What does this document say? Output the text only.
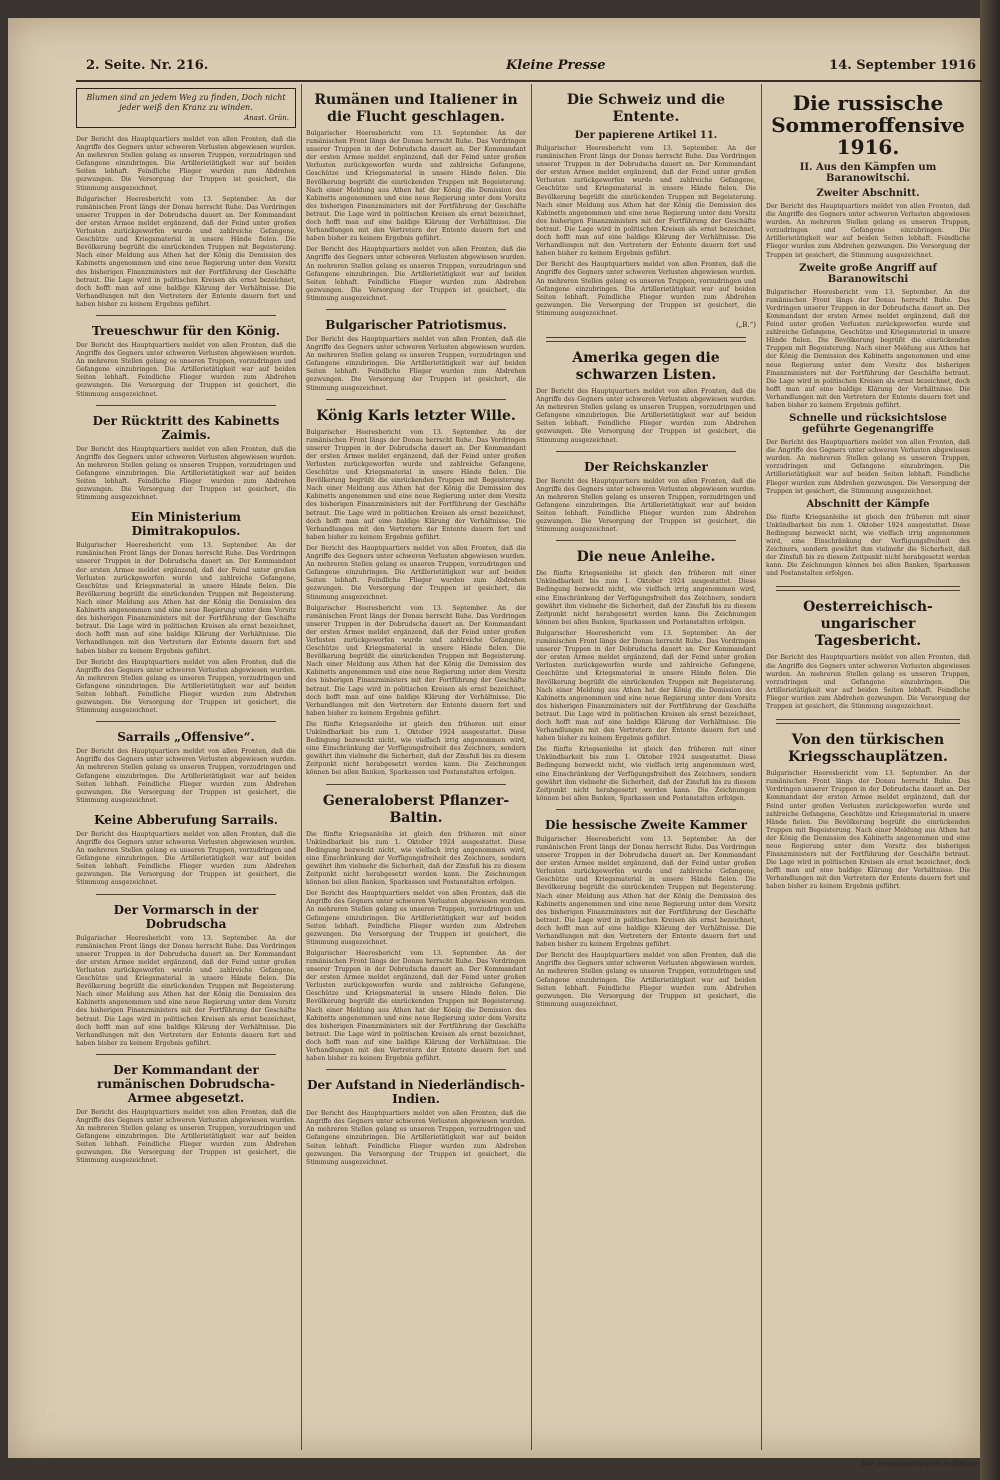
2. Seite. Nr. 216.	Kleine Presse	14. September 1916
Blumen sind an jedem Weg zu finden, Doch nicht jeder weiß den Kranz zu winden.
Anast. Grün.

Der Bericht des Hauptquartiers meldet von allen Fronten, daß die Angriffe des Gegners unter schweren Verlusten abgewiesen wurden. An mehreren Stellen gelang es unseren Truppen, vorzudringen und Gefangene einzubringen. Die Artillerietätigkeit war auf beiden Seiten lebhaft. Feindliche Flieger wurden zum Abdrehen gezwungen. Die Versorgung der Truppen ist gesichert, die Stimmung ausgezeichnet.

Bulgarischer Heeresbericht vom 13. September. An der rumänischen Front längs der Donau herrscht Ruhe. Das Vordringen unserer Truppen in der Dobrudscha dauert an. Der Kommandant der ersten Armee meldet ergänzend, daß der Feind unter großen Verlusten zurückgeworfen wurde und zahlreiche Gefangene, Geschütze und Kriegsmaterial in unsere Hände fielen. Die Bevölkerung begrüßt die einrückenden Truppen mit Begeisterung. Nach einer Meldung aus Athen hat der König die Demission des Kabinetts angenommen und eine neue Regierung unter dem Vorsitz des bisherigen Finanzministers mit der Fortführung der Geschäfte betraut. Die Lage wird in politischen Kreisen als ernst bezeichnet, doch hofft man auf eine baldige Klärung der Verhältnisse. Die Verhandlungen mit den Vertretern der Entente dauern fort und haben bisher zu keinem Ergebnis geführt.

Treueschwur für den König.

Der Bericht des Hauptquartiers meldet von allen Fronten, daß die Angriffe des Gegners unter schweren Verlusten abgewiesen wurden. An mehreren Stellen gelang es unseren Truppen, vorzudringen und Gefangene einzubringen. Die Artillerietätigkeit war auf beiden Seiten lebhaft. Feindliche Flieger wurden zum Abdrehen gezwungen. Die Versorgung der Truppen ist gesichert, die Stimmung ausgezeichnet.

Der Rücktritt des Kabinetts Zaimis.

Der Bericht des Hauptquartiers meldet von allen Fronten, daß die Angriffe des Gegners unter schweren Verlusten abgewiesen wurden. An mehreren Stellen gelang es unseren Truppen, vorzudringen und Gefangene einzubringen. Die Artillerietätigkeit war auf beiden Seiten lebhaft. Feindliche Flieger wurden zum Abdrehen gezwungen. Die Versorgung der Truppen ist gesichert, die Stimmung ausgezeichnet.

Ein Ministerium Dimitrakopulos.

Bulgarischer Heeresbericht vom 13. September. An der rumänischen Front längs der Donau herrscht Ruhe. Das Vordringen unserer Truppen in der Dobrudscha dauert an. Der Kommandant der ersten Armee meldet ergänzend, daß der Feind unter großen Verlusten zurückgeworfen wurde und zahlreiche Gefangene, Geschütze und Kriegsmaterial in unsere Hände fielen. Die Bevölkerung begrüßt die einrückenden Truppen mit Begeisterung. Nach einer Meldung aus Athen hat der König die Demission des Kabinetts angenommen und eine neue Regierung unter dem Vorsitz des bisherigen Finanzministers mit der Fortführung der Geschäfte betraut. Die Lage wird in politischen Kreisen als ernst bezeichnet, doch hofft man auf eine baldige Klärung der Verhältnisse. Die Verhandlungen mit den Vertretern der Entente dauern fort und haben bisher zu keinem Ergebnis geführt.

Der Bericht des Hauptquartiers meldet von allen Fronten, daß die Angriffe des Gegners unter schweren Verlusten abgewiesen wurden. An mehreren Stellen gelang es unseren Truppen, vorzudringen und Gefangene einzubringen. Die Artillerietätigkeit war auf beiden Seiten lebhaft. Feindliche Flieger wurden zum Abdrehen gezwungen. Die Versorgung der Truppen ist gesichert, die Stimmung ausgezeichnet.

Sarrails „Offensive“.

Der Bericht des Hauptquartiers meldet von allen Fronten, daß die Angriffe des Gegners unter schweren Verlusten abgewiesen wurden. An mehreren Stellen gelang es unseren Truppen, vorzudringen und Gefangene einzubringen. Die Artillerietätigkeit war auf beiden Seiten lebhaft. Feindliche Flieger wurden zum Abdrehen gezwungen. Die Versorgung der Truppen ist gesichert, die Stimmung ausgezeichnet.

Keine Abberufung Sarrails.

Der Bericht des Hauptquartiers meldet von allen Fronten, daß die Angriffe des Gegners unter schweren Verlusten abgewiesen wurden. An mehreren Stellen gelang es unseren Truppen, vorzudringen und Gefangene einzubringen. Die Artillerietätigkeit war auf beiden Seiten lebhaft. Feindliche Flieger wurden zum Abdrehen gezwungen. Die Versorgung der Truppen ist gesichert, die Stimmung ausgezeichnet.

Der Vormarsch in der Dobrudscha

Bulgarischer Heeresbericht vom 13. September. An der rumänischen Front längs der Donau herrscht Ruhe. Das Vordringen unserer Truppen in der Dobrudscha dauert an. Der Kommandant der ersten Armee meldet ergänzend, daß der Feind unter großen Verlusten zurückgeworfen wurde und zahlreiche Gefangene, Geschütze und Kriegsmaterial in unsere Hände fielen. Die Bevölkerung begrüßt die einrückenden Truppen mit Begeisterung. Nach einer Meldung aus Athen hat der König die Demission des Kabinetts angenommen und eine neue Regierung unter dem Vorsitz des bisherigen Finanzministers mit der Fortführung der Geschäfte betraut. Die Lage wird in politischen Kreisen als ernst bezeichnet, doch hofft man auf eine baldige Klärung der Verhältnisse. Die Verhandlungen mit den Vertretern der Entente dauern fort und haben bisher zu keinem Ergebnis geführt.

Der Kommandant der rumänischen Dobrudscha-Armee abgesetzt.

Der Bericht des Hauptquartiers meldet von allen Fronten, daß die Angriffe des Gegners unter schweren Verlusten abgewiesen wurden. An mehreren Stellen gelang es unseren Truppen, vorzudringen und Gefangene einzubringen. Die Artillerietätigkeit war auf beiden Seiten lebhaft. Feindliche Flieger wurden zum Abdrehen gezwungen. Die Versorgung der Truppen ist gesichert, die Stimmung ausgezeichnet.

Rumänen und Italiener in die Flucht geschlagen.

Bulgarischer Heeresbericht vom 13. September. An der rumänischen Front längs der Donau herrscht Ruhe. Das Vordringen unserer Truppen in der Dobrudscha dauert an. Der Kommandant der ersten Armee meldet ergänzend, daß der Feind unter großen Verlusten zurückgeworfen wurde und zahlreiche Gefangene, Geschütze und Kriegsmaterial in unsere Hände fielen. Die Bevölkerung begrüßt die einrückenden Truppen mit Begeisterung. Nach einer Meldung aus Athen hat der König die Demission des Kabinetts angenommen und eine neue Regierung unter dem Vorsitz des bisherigen Finanzministers mit der Fortführung der Geschäfte betraut. Die Lage wird in politischen Kreisen als ernst bezeichnet, doch hofft man auf eine baldige Klärung der Verhältnisse. Die Verhandlungen mit den Vertretern der Entente dauern fort und haben bisher zu keinem Ergebnis geführt.

Der Bericht des Hauptquartiers meldet von allen Fronten, daß die Angriffe des Gegners unter schweren Verlusten abgewiesen wurden. An mehreren Stellen gelang es unseren Truppen, vorzudringen und Gefangene einzubringen. Die Artillerietätigkeit war auf beiden Seiten lebhaft. Feindliche Flieger wurden zum Abdrehen gezwungen. Die Versorgung der Truppen ist gesichert, die Stimmung ausgezeichnet.

Bulgarischer Patriotismus.

Der Bericht des Hauptquartiers meldet von allen Fronten, daß die Angriffe des Gegners unter schweren Verlusten abgewiesen wurden. An mehreren Stellen gelang es unseren Truppen, vorzudringen und Gefangene einzubringen. Die Artillerietätigkeit war auf beiden Seiten lebhaft. Feindliche Flieger wurden zum Abdrehen gezwungen. Die Versorgung der Truppen ist gesichert, die Stimmung ausgezeichnet.

König Karls letzter Wille.

Bulgarischer Heeresbericht vom 13. September. An der rumänischen Front längs der Donau herrscht Ruhe. Das Vordringen unserer Truppen in der Dobrudscha dauert an. Der Kommandant der ersten Armee meldet ergänzend, daß der Feind unter großen Verlusten zurückgeworfen wurde und zahlreiche Gefangene, Geschütze und Kriegsmaterial in unsere Hände fielen. Die Bevölkerung begrüßt die einrückenden Truppen mit Begeisterung. Nach einer Meldung aus Athen hat der König die Demission des Kabinetts angenommen und eine neue Regierung unter dem Vorsitz des bisherigen Finanzministers mit der Fortführung der Geschäfte betraut. Die Lage wird in politischen Kreisen als ernst bezeichnet, doch hofft man auf eine baldige Klärung der Verhältnisse. Die Verhandlungen mit den Vertretern der Entente dauern fort und haben bisher zu keinem Ergebnis geführt.

Der Bericht des Hauptquartiers meldet von allen Fronten, daß die Angriffe des Gegners unter schweren Verlusten abgewiesen wurden. An mehreren Stellen gelang es unseren Truppen, vorzudringen und Gefangene einzubringen. Die Artillerietätigkeit war auf beiden Seiten lebhaft. Feindliche Flieger wurden zum Abdrehen gezwungen. Die Versorgung der Truppen ist gesichert, die Stimmung ausgezeichnet.

Bulgarischer Heeresbericht vom 13. September. An der rumänischen Front längs der Donau herrscht Ruhe. Das Vordringen unserer Truppen in der Dobrudscha dauert an. Der Kommandant der ersten Armee meldet ergänzend, daß der Feind unter großen Verlusten zurückgeworfen wurde und zahlreiche Gefangene, Geschütze und Kriegsmaterial in unsere Hände fielen. Die Bevölkerung begrüßt die einrückenden Truppen mit Begeisterung. Nach einer Meldung aus Athen hat der König die Demission des Kabinetts angenommen und eine neue Regierung unter dem Vorsitz des bisherigen Finanzministers mit der Fortführung der Geschäfte betraut. Die Lage wird in politischen Kreisen als ernst bezeichnet, doch hofft man auf eine baldige Klärung der Verhältnisse. Die Verhandlungen mit den Vertretern der Entente dauern fort und haben bisher zu keinem Ergebnis geführt.

Die fünfte Kriegsanleihe ist gleich den früheren mit einer Unkündbarkeit bis zum 1. Oktober 1924 ausgestattet. Diese Bedingung bezweckt nicht, wie vielfach irrig angenommen wird, eine Einschränkung der Verfügungsfreiheit des Zeichners, sondern gewährt ihm vielmehr die Sicherheit, daß der Zinsfuß bis zu diesem Zeitpunkt nicht herabgesetzt werden kann. Die Zeichnungen können bei allen Banken, Sparkassen und Postanstalten erfolgen.

Generaloberst Pflanzer-Baltin.

Die fünfte Kriegsanleihe ist gleich den früheren mit einer Unkündbarkeit bis zum 1. Oktober 1924 ausgestattet. Diese Bedingung bezweckt nicht, wie vielfach irrig angenommen wird, eine Einschränkung der Verfügungsfreiheit des Zeichners, sondern gewährt ihm vielmehr die Sicherheit, daß der Zinsfuß bis zu diesem Zeitpunkt nicht herabgesetzt werden kann. Die Zeichnungen können bei allen Banken, Sparkassen und Postanstalten erfolgen.

Der Bericht des Hauptquartiers meldet von allen Fronten, daß die Angriffe des Gegners unter schweren Verlusten abgewiesen wurden. An mehreren Stellen gelang es unseren Truppen, vorzudringen und Gefangene einzubringen. Die Artillerietätigkeit war auf beiden Seiten lebhaft. Feindliche Flieger wurden zum Abdrehen gezwungen. Die Versorgung der Truppen ist gesichert, die Stimmung ausgezeichnet.

Bulgarischer Heeresbericht vom 13. September. An der rumänischen Front längs der Donau herrscht Ruhe. Das Vordringen unserer Truppen in der Dobrudscha dauert an. Der Kommandant der ersten Armee meldet ergänzend, daß der Feind unter großen Verlusten zurückgeworfen wurde und zahlreiche Gefangene, Geschütze und Kriegsmaterial in unsere Hände fielen. Die Bevölkerung begrüßt die einrückenden Truppen mit Begeisterung. Nach einer Meldung aus Athen hat der König die Demission des Kabinetts angenommen und eine neue Regierung unter dem Vorsitz des bisherigen Finanzministers mit der Fortführung der Geschäfte betraut. Die Lage wird in politischen Kreisen als ernst bezeichnet, doch hofft man auf eine baldige Klärung der Verhältnisse. Die Verhandlungen mit den Vertretern der Entente dauern fort und haben bisher zu keinem Ergebnis geführt.

Der Aufstand in Niederländisch-Indien.

Der Bericht des Hauptquartiers meldet von allen Fronten, daß die Angriffe des Gegners unter schweren Verlusten abgewiesen wurden. An mehreren Stellen gelang es unseren Truppen, vorzudringen und Gefangene einzubringen. Die Artillerietätigkeit war auf beiden Seiten lebhaft. Feindliche Flieger wurden zum Abdrehen gezwungen. Die Versorgung der Truppen ist gesichert, die Stimmung ausgezeichnet.

Die Schweiz und die Entente.
Der papierene Artikel 11.

Bulgarischer Heeresbericht vom 13. September. An der rumänischen Front längs der Donau herrscht Ruhe. Das Vordringen unserer Truppen in der Dobrudscha dauert an. Der Kommandant der ersten Armee meldet ergänzend, daß der Feind unter großen Verlusten zurückgeworfen wurde und zahlreiche Gefangene, Geschütze und Kriegsmaterial in unsere Hände fielen. Die Bevölkerung begrüßt die einrückenden Truppen mit Begeisterung. Nach einer Meldung aus Athen hat der König die Demission des Kabinetts angenommen und eine neue Regierung unter dem Vorsitz des bisherigen Finanzministers mit der Fortführung der Geschäfte betraut. Die Lage wird in politischen Kreisen als ernst bezeichnet, doch hofft man auf eine baldige Klärung der Verhältnisse. Die Verhandlungen mit den Vertretern der Entente dauern fort und haben bisher zu keinem Ergebnis geführt.

Der Bericht des Hauptquartiers meldet von allen Fronten, daß die Angriffe des Gegners unter schweren Verlusten abgewiesen wurden. An mehreren Stellen gelang es unseren Truppen, vorzudringen und Gefangene einzubringen. Die Artillerietätigkeit war auf beiden Seiten lebhaft. Feindliche Flieger wurden zum Abdrehen gezwungen. Die Versorgung der Truppen ist gesichert, die Stimmung ausgezeichnet.

(„B.“)
Amerika gegen die schwarzen Listen.

Der Bericht des Hauptquartiers meldet von allen Fronten, daß die Angriffe des Gegners unter schweren Verlusten abgewiesen wurden. An mehreren Stellen gelang es unseren Truppen, vorzudringen und Gefangene einzubringen. Die Artillerietätigkeit war auf beiden Seiten lebhaft. Feindliche Flieger wurden zum Abdrehen gezwungen. Die Versorgung der Truppen ist gesichert, die Stimmung ausgezeichnet.

Der Reichskanzler

Der Bericht des Hauptquartiers meldet von allen Fronten, daß die Angriffe des Gegners unter schweren Verlusten abgewiesen wurden. An mehreren Stellen gelang es unseren Truppen, vorzudringen und Gefangene einzubringen. Die Artillerietätigkeit war auf beiden Seiten lebhaft. Feindliche Flieger wurden zum Abdrehen gezwungen. Die Versorgung der Truppen ist gesichert, die Stimmung ausgezeichnet.

Die neue Anleihe.

Die fünfte Kriegsanleihe ist gleich den früheren mit einer Unkündbarkeit bis zum 1. Oktober 1924 ausgestattet. Diese Bedingung bezweckt nicht, wie vielfach irrig angenommen wird, eine Einschränkung der Verfügungsfreiheit des Zeichners, sondern gewährt ihm vielmehr die Sicherheit, daß der Zinsfuß bis zu diesem Zeitpunkt nicht herabgesetzt werden kann. Die Zeichnungen können bei allen Banken, Sparkassen und Postanstalten erfolgen.

Bulgarischer Heeresbericht vom 13. September. An der rumänischen Front längs der Donau herrscht Ruhe. Das Vordringen unserer Truppen in der Dobrudscha dauert an. Der Kommandant der ersten Armee meldet ergänzend, daß der Feind unter großen Verlusten zurückgeworfen wurde und zahlreiche Gefangene, Geschütze und Kriegsmaterial in unsere Hände fielen. Die Bevölkerung begrüßt die einrückenden Truppen mit Begeisterung. Nach einer Meldung aus Athen hat der König die Demission des Kabinetts angenommen und eine neue Regierung unter dem Vorsitz des bisherigen Finanzministers mit der Fortführung der Geschäfte betraut. Die Lage wird in politischen Kreisen als ernst bezeichnet, doch hofft man auf eine baldige Klärung der Verhältnisse. Die Verhandlungen mit den Vertretern der Entente dauern fort und haben bisher zu keinem Ergebnis geführt.

Die fünfte Kriegsanleihe ist gleich den früheren mit einer Unkündbarkeit bis zum 1. Oktober 1924 ausgestattet. Diese Bedingung bezweckt nicht, wie vielfach irrig angenommen wird, eine Einschränkung der Verfügungsfreiheit des Zeichners, sondern gewährt ihm vielmehr die Sicherheit, daß der Zinsfuß bis zu diesem Zeitpunkt nicht herabgesetzt werden kann. Die Zeichnungen können bei allen Banken, Sparkassen und Postanstalten erfolgen.

Die hessische Zweite Kammer

Bulgarischer Heeresbericht vom 13. September. An der rumänischen Front längs der Donau herrscht Ruhe. Das Vordringen unserer Truppen in der Dobrudscha dauert an. Der Kommandant der ersten Armee meldet ergänzend, daß der Feind unter großen Verlusten zurückgeworfen wurde und zahlreiche Gefangene, Geschütze und Kriegsmaterial in unsere Hände fielen. Die Bevölkerung begrüßt die einrückenden Truppen mit Begeisterung. Nach einer Meldung aus Athen hat der König die Demission des Kabinetts angenommen und eine neue Regierung unter dem Vorsitz des bisherigen Finanzministers mit der Fortführung der Geschäfte betraut. Die Lage wird in politischen Kreisen als ernst bezeichnet, doch hofft man auf eine baldige Klärung der Verhältnisse. Die Verhandlungen mit den Vertretern der Entente dauern fort und haben bisher zu keinem Ergebnis geführt.

Der Bericht des Hauptquartiers meldet von allen Fronten, daß die Angriffe des Gegners unter schweren Verlusten abgewiesen wurden. An mehreren Stellen gelang es unseren Truppen, vorzudringen und Gefangene einzubringen. Die Artillerietätigkeit war auf beiden Seiten lebhaft. Feindliche Flieger wurden zum Abdrehen gezwungen. Die Versorgung der Truppen ist gesichert, die Stimmung ausgezeichnet.

Die russische Sommeroffensive 1916.
II. Aus den Kämpfen um Baranowitschi.
Zweiter Abschnitt.

Der Bericht des Hauptquartiers meldet von allen Fronten, daß die Angriffe des Gegners unter schweren Verlusten abgewiesen wurden. An mehreren Stellen gelang es unseren Truppen, vorzudringen und Gefangene einzubringen. Die Artillerietätigkeit war auf beiden Seiten lebhaft. Feindliche Flieger wurden zum Abdrehen gezwungen. Die Versorgung der Truppen ist gesichert, die Stimmung ausgezeichnet.

Zweite große Angriff auf Baranowitschi

Bulgarischer Heeresbericht vom 13. September. An der rumänischen Front längs der Donau herrscht Ruhe. Das Vordringen unserer Truppen in der Dobrudscha dauert an. Der Kommandant der ersten Armee meldet ergänzend, daß der Feind unter großen Verlusten zurückgeworfen wurde und zahlreiche Gefangene, Geschütze und Kriegsmaterial in unsere Hände fielen. Die Bevölkerung begrüßt die einrückenden Truppen mit Begeisterung. Nach einer Meldung aus Athen hat der König die Demission des Kabinetts angenommen und eine neue Regierung unter dem Vorsitz des bisherigen Finanzministers mit der Fortführung der Geschäfte betraut. Die Lage wird in politischen Kreisen als ernst bezeichnet, doch hofft man auf eine baldige Klärung der Verhältnisse. Die Verhandlungen mit den Vertretern der Entente dauern fort und haben bisher zu keinem Ergebnis geführt.

Schnelle und rücksichtslose geführte Gegenangriffe

Der Bericht des Hauptquartiers meldet von allen Fronten, daß die Angriffe des Gegners unter schweren Verlusten abgewiesen wurden. An mehreren Stellen gelang es unseren Truppen, vorzudringen und Gefangene einzubringen. Die Artillerietätigkeit war auf beiden Seiten lebhaft. Feindliche Flieger wurden zum Abdrehen gezwungen. Die Versorgung der Truppen ist gesichert, die Stimmung ausgezeichnet.

Abschnitt der Kämpfe

Die fünfte Kriegsanleihe ist gleich den früheren mit einer Unkündbarkeit bis zum 1. Oktober 1924 ausgestattet. Diese Bedingung bezweckt nicht, wie vielfach irrig angenommen wird, eine Einschränkung der Verfügungsfreiheit des Zeichners, sondern gewährt ihm vielmehr die Sicherheit, daß der Zinsfuß bis zu diesem Zeitpunkt nicht herabgesetzt werden kann. Die Zeichnungen können bei allen Banken, Sparkassen und Postanstalten erfolgen.

Oesterreichisch-ungarischer Tagesbericht.

Der Bericht des Hauptquartiers meldet von allen Fronten, daß die Angriffe des Gegners unter schweren Verlusten abgewiesen wurden. An mehreren Stellen gelang es unseren Truppen, vorzudringen und Gefangene einzubringen. Die Artillerietätigkeit war auf beiden Seiten lebhaft. Feindliche Flieger wurden zum Abdrehen gezwungen. Die Versorgung der Truppen ist gesichert, die Stimmung ausgezeichnet.

Von den türkischen Kriegsschauplätzen.

Bulgarischer Heeresbericht vom 13. September. An der rumänischen Front längs der Donau herrscht Ruhe. Das Vordringen unserer Truppen in der Dobrudscha dauert an. Der Kommandant der ersten Armee meldet ergänzend, daß der Feind unter großen Verlusten zurückgeworfen wurde und zahlreiche Gefangene, Geschütze und Kriegsmaterial in unsere Hände fielen. Die Bevölkerung begrüßt die einrückenden Truppen mit Begeisterung. Nach einer Meldung aus Athen hat der König die Demission des Kabinetts angenommen und eine neue Regierung unter dem Vorsitz des bisherigen Finanzministers mit der Fortführung der Geschäfte betraut. Die Lage wird in politischen Kreisen als ernst bezeichnet, doch hofft man auf eine baldige Klärung der Verhältnisse. Die Verhandlungen mit den Vertretern der Entente dauern fort und haben bisher zu keinem Ergebnis geführt.

Der verantwortliche Schriftleiter
